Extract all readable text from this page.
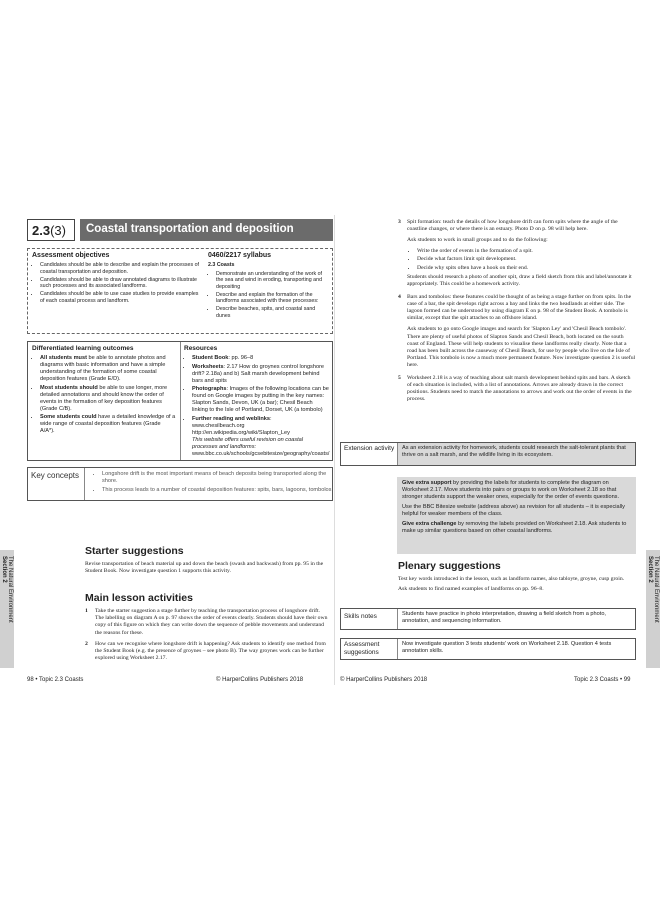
2.3(3) Coastal transportation and deposition
Assessment objectives
• Candidates should be able to describe and explain the processes of coastal transportation and deposition.
• Candidates should be able to draw annotated diagrams to illustrate such processes and its associated landforms.
• Candidates should be able to use case studies to provide examples of each coastal process and landform.
0460/2217 syllabus
2.3 Coasts
• Demonstrate an understanding of the work of the sea and wind in eroding, transporting and depositing
• Describe and explain the formation of the landforms associated with these processes:
• Describe beaches, spits, and coastal sand dunes
Differentiated learning outcomes
• All students must be able to annotate photos and diagrams with basic information and have a simple understanding of the formation of some coastal deposition features (Grade E/D).
• Most students should be able to use longer, more detailed annotations and should know the order of events in the formation of key deposition features (Grade C/B).
• Some students could have a detailed knowledge of a wide range of coastal deposition features (Grade A/A*).
Resources
• Student Book: pp. 96–8
• Worksheets: 2.17 How do groynes control longshore drift? 2.18a) and b) Salt marsh development behind bars and spits
• Photographs: Images of the following locations can be found on Google images by putting in the key names: Slapton Sands, Devon, UK (a bar); Chesil Beach linking to the Isle of Portland, Dorset, UK (a tombolo)
• Further reading and weblinks:
www.chesilbeach.org
http://en.wikipedia.org/wiki/Slapton_Ley
This website offers useful revision on coastal processes and landforms:
www.bbc.co.uk/schools/gcsebitesize/geography/coasts/
Key concepts
•	Longshore drift is the most important means of beach deposits being transported along the shore.
• This process leads to a number of coastal deposition features: spits, bars, lagoons, tombolos.
Starter suggestions
Revise transportation of beach material up and down the beach (swash and backwash) from pp. 95 in the Student Book. Now investigate question 1 supports this activity.
Main lesson activities
1 Take the starter suggestion a stage further by teaching the transportation process of longshore drift. The labelling on diagram A on p. 97 shows the order of events clearly. Students should have their own copy of this figure on which they can write down the sequence of pebble movements and understand the reasons for these.
2 How can we recognise where longshore drift is happening? Ask students to identify one method from the Student Book (e.g. the presence of groynes – see photo B). The way groynes work can be further explored using Worksheet 2.17.
Section 2 The Natural Environment
98 • Topic 2.3 Coasts	© HarperCollins Publishers 2018
3 Spit formation: teach the details of how longshore drift can form spits where the angle of the coastline changes, or where there is an estuary. Photo D on p. 98 will help here.
Ask students to work in small groups and to do the following:
• Write the order of events in the formation of a spit.
• Decide what factors limit spit development.
• Decide why spits often have a hook on their end.
Students should research a photo of another spit, draw a field sketch from this and label/annotate it appropriately. This could be a homework activity.
4 Bars and tombolos: these features could be thought of as being a stage further on from spits. In the case of a bar, the spit develops right across a bay and links the two headlands at either side. The lagoon formed can be understood by using diagram E on p. 98 of the Student Book. A tombolo is similar, except that the spit attaches to an offshore island.
Ask students to go onto Google images and search for 'Slapton Ley' and 'Chesil Beach tombolo'. There are plenty of useful photos of Slapton Sands and Chesil Beach, both located on the south coast of England. These will help students to visualise these landforms really clearly. Note that a road has been built across the causeway of Chesil Beach, for use by people who live on the Isle of Portland. This tombolo is now a much more permanent feature. Now investigate question 2 is useful here.
5 Worksheet 2.18 is a way of teaching about salt marsh development behind spits and bars. A sketch of each situation is included, with a list of annotations. Arrows are already drawn in the correct positions. Students need to match the annotations to arrows and work out the order of events in the process.
Extension activity	As an extension activity for homework, students could research the salt-tolerant plants that thrive on a salt marsh, and the wildlife living in its ecosystem.
Give extra support by providing the labels for students to complete the diagram on Worksheet 2.17. Move students into pairs or groups to work on Worksheet 2.18 so that stronger students support the weaker ones, especially for the order of events questions.
Use the BBC Bitesize website (address above) as revision for all students – it is especially helpful for weaker members of the class.
Give extra challenge by removing the labels provided on Worksheet 2.18. Ask students to make up similar questions based on other coastal landforms.
Plenary suggestions
Test key words introduced in the lesson, such as landform names, also tabloyte, groyne, cusp groin.
Ask students to find named examples of landforms on pp. 96–8.
Skills notes	Students have practice in photo interpretation, drawing a field sketch from a photo, annotation, and sequencing information.
Assessment suggestions
Now investigate question 3 tests students' work on Worksheet 2.18. Question 4 tests annotation skills.
Section 2 The Natural Environment
© HarperCollins Publishers 2018	Topic 2.3 Coasts • 99
